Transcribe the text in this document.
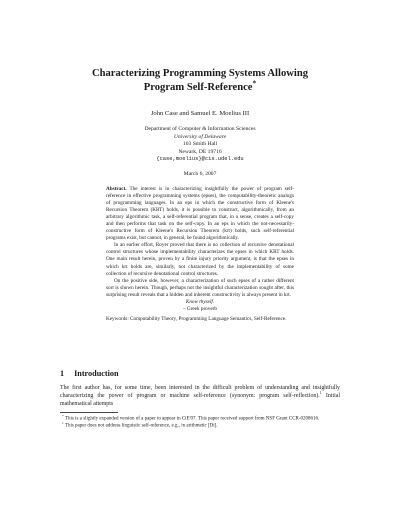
Characterizing Programming Systems Allowing
Program Self-Reference*
John Case and Samuel E. Moelius III
Department of Computer & Information Sciences
University of Delaware
103 Smith Hall
Newark, DE 19716
{case,moelius}@cis.udel.edu
March 6, 2007

Abstract. The interest is in characterizing insightfully the power of program self-reference in effective programming systems (epses), the computability-theoretic analogs of programming languages. In an eps in which the constructive form of Kleene's Recursion Theorem (KRT) holds, it is possible to construct, algorithmically, from an arbitrary algorithmic task, a self-referential program that, in a sense, creates a self-copy and then performs that task on the self-copy. In an eps in which the not-necessarily-constructive form of Kleene's Recursion Theorem (krt) holds, such self-referential programs exist, but cannot, in general, be found algorithmically.

In an earlier effort, Royer proved that there is no collection of recursive denotational control structures whose implementability characterizes the epses in which KRT holds. One main result herein, proven by a finite injury priority argument, is that the epses in which krt holds are, similarly, not characterized by the implementability of some collection of recursive denotational control structures.

On the positive side, however, a characterization of such epses of a rather different sort is shown herein. Though, perhaps not the insightful characterization sought after, this surprising result reveals that a hidden and inherent constructivity is always present in krt.

Know thyself.

– Greek proverb

Keywords: Computability Theory, Programming Language Semantics, Self-Reference.

1 Introduction

The first author has, for some time, been interested in the difficult problem of understanding and insightfully characterizing the power of program or machine self-reference (synonym: program self-reflection).$^1$ Initial mathematical attempts

* This is a slightly expanded version of a paper to appear in CiE'07. This paper received support from NSF Grant CCR-0208616.

$^1$ This paper does not address linguistic self-reference, e.g., in arithmetic [Di].
